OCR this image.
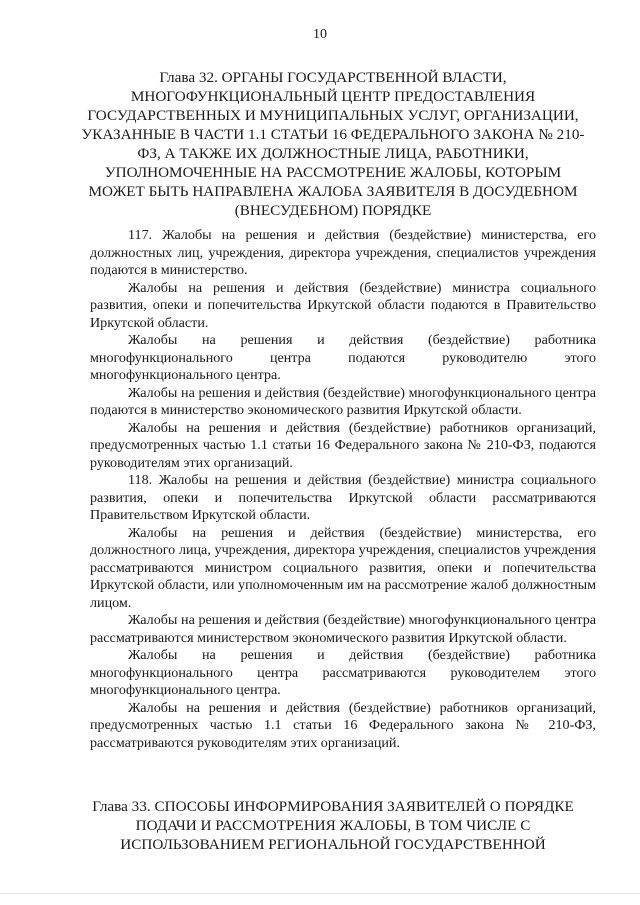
10
Глава 32. ОРГАНЫ ГОСУДАРСТВЕННОЙ ВЛАСТИ, МНОГОФУНКЦИОНАЛЬНЫЙ ЦЕНТР ПРЕДОСТАВЛЕНИЯ ГОСУДАРСТВЕННЫХ И МУНИЦИПАЛЬНЫХ УСЛУГ, ОРГАНИЗАЦИИ, УКАЗАННЫЕ В ЧАСТИ 1.1 СТАТЬИ 16 ФЕДЕРАЛЬНОГО ЗАКОНА № 210-ФЗ, А ТАКЖЕ ИХ ДОЛЖНОСТНЫЕ ЛИЦА, РАБОТНИКИ, УПОЛНОМОЧЕННЫЕ НА РАССМОТРЕНИЕ ЖАЛОБЫ, КОТОРЫМ МОЖЕТ БЫТЬ НАПРАВЛЕНА ЖАЛОБА ЗАЯВИТЕЛЯ В ДОСУДЕБНОМ (ВНЕСУДЕБНОМ) ПОРЯДКЕ

117. Жалобы на решения и действия (бездействие) министерства, его должностных лиц, учреждения, директора учреждения, специалистов учреждения подаются в министерство.

Жалобы на решения и действия (бездействие) министра социального развития, опеки и попечительства Иркутской области подаются в Правительство Иркутской области.

Жалобы на решения и действия (бездействие) работника многофункционального центра подаются руководителю этого многофункционального центра.

Жалобы на решения и действия (бездействие) многофункционального центра подаются в министерство экономического развития Иркутской области.

Жалобы на решения и действия (бездействие) работников организаций, предусмотренных частью 1.1 статьи 16 Федерального закона № 210-ФЗ, подаются руководителям этих организаций.

118. Жалобы на решения и действия (бездействие) министра социального развития, опеки и попечительства Иркутской области рассматриваются Правительством Иркутской области.

Жалобы на решения и действия (бездействие) министерства, его должностного лица, учреждения, директора учреждения, специалистов учреждения рассматриваются министром социального развития, опеки и попечительства Иркутской области, или уполномоченным им на рассмотрение жалоб должностным лицом.

Жалобы на решения и действия (бездействие) многофункционального центра рассматриваются министерством экономического развития Иркутской области.

Жалобы на решения и действия (бездействие) работника многофункционального центра рассматриваются руководителем этого многофункционального центра.

Жалобы на решения и действия (бездействие) работников организаций, предусмотренных частью 1.1 статьи 16 Федерального закона № 210-ФЗ, рассматриваются руководителям этих организаций.

Глава 33. СПОСОБЫ ИНФОРМИРОВАНИЯ ЗАЯВИТЕЛЕЙ О ПОРЯДКЕ ПОДАЧИ И РАССМОТРЕНИЯ ЖАЛОБЫ, В ТОМ ЧИСЛЕ С ИСПОЛЬЗОВАНИЕМ РЕГИОНАЛЬНОЙ ГОСУДАРСТВЕННОЙ
